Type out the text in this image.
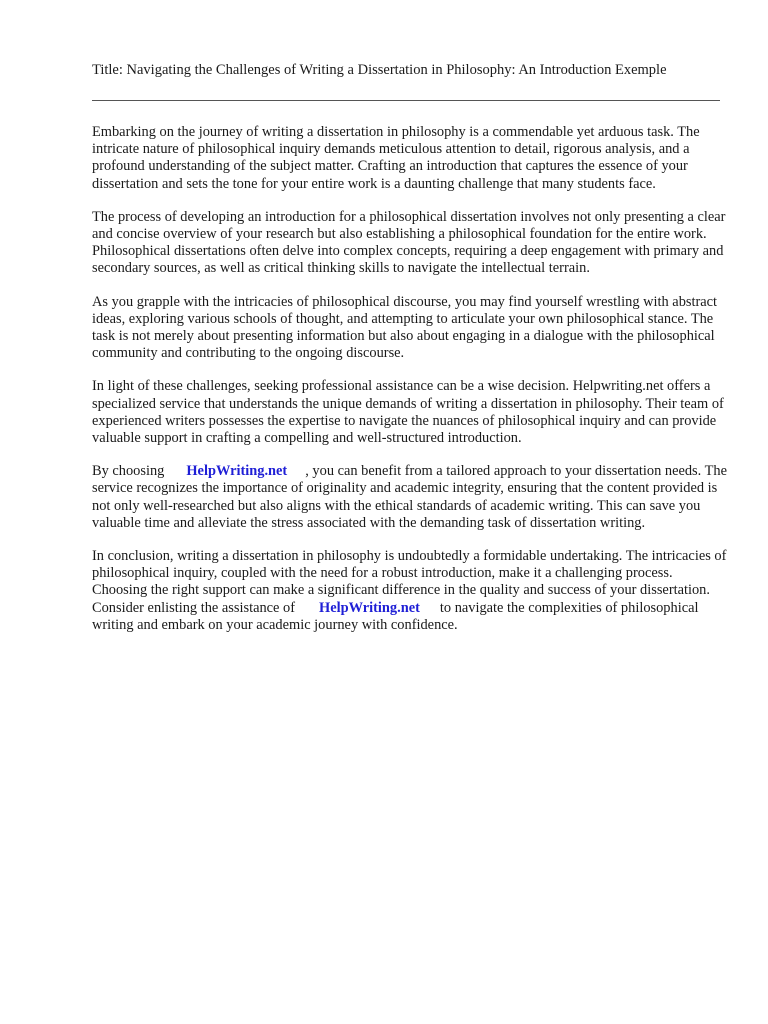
Title: Navigating the Challenges of Writing a Dissertation in Philosophy: An Introduction Exemple

Embarking on the journey of writing a dissertation in philosophy is a commendable yet arduous task. The intricate nature of philosophical inquiry demands meticulous attention to detail, rigorous analysis, and a profound understanding of the subject matter. Crafting an introduction that captures the essence of your dissertation and sets the tone for your entire work is a daunting challenge that many students face.

The process of developing an introduction for a philosophical dissertation involves not only presenting a clear and concise overview of your research but also establishing a philosophical foundation for the entire work. Philosophical dissertations often delve into complex concepts, requiring a deep engagement with primary and secondary sources, as well as critical thinking skills to navigate the intellectual terrain.

As you grapple with the intricacies of philosophical discourse, you may find yourself wrestling with abstract ideas, exploring various schools of thought, and attempting to articulate your own philosophical stance. The task is not merely about presenting information but also about engaging in a dialogue with the philosophical community and contributing to the ongoing discourse.

In light of these challenges, seeking professional assistance can be a wise decision. Helpwriting.net offers a specialized service that understands the unique demands of writing a dissertation in philosophy. Their team of experienced writers possesses the expertise to navigate the nuances of philosophical inquiry and can provide valuable support in crafting a compelling and well-structured introduction.

By choosing HelpWriting.net , you can benefit from a tailored approach to your dissertation needs. The service recognizes the importance of originality and academic integrity, ensuring that the content provided is not only well-researched but also aligns with the ethical standards of academic writing. This can save you valuable time and alleviate the stress associated with the demanding task of dissertation writing.

In conclusion, writing a dissertation in philosophy is undoubtedly a formidable undertaking. The intricacies of philosophical inquiry, coupled with the need for a robust introduction, make it a challenging process. Choosing the right support can make a significant difference in the quality and success of your dissertation. Consider enlisting the assistance of HelpWriting.net to navigate the complexities of philosophical writing and embark on your academic journey with confidence.
